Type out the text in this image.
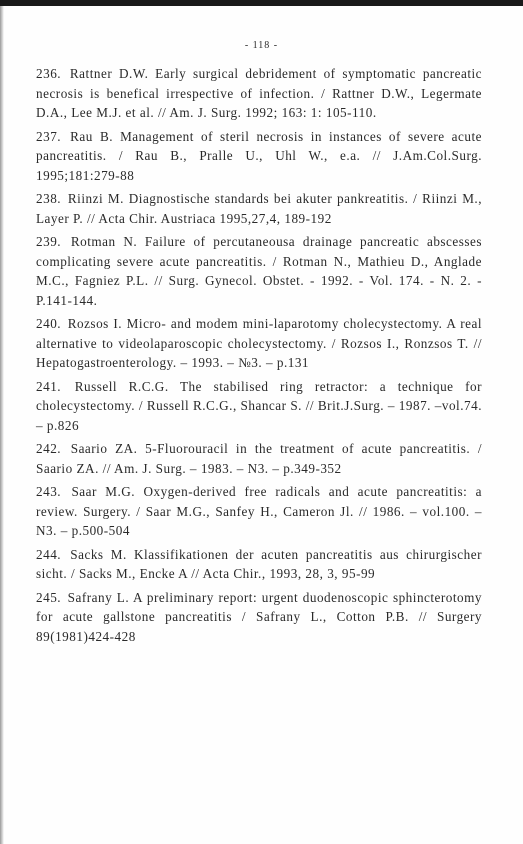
- 118 -
236. Rattner D.W. Early surgical debridement of symptomatic pancreatic necrosis is benefical irrespective of infection. / Rattner D.W., Legermate D.A., Lee M.J. et al. // Am. J. Surg. 1992; 163: 1: 105-110.
237. Rau B. Management of steril necrosis in instances of severe acute pancreatitis. / Rau B., Pralle U., Uhl W., e.a. // J.Am.Col.Surg. 1995;181:279-88
238. Riinzi M. Diagnostische standards bei akuter pankreatitis. / Riinzi M., Layer P. // Acta Chir. Austriaca 1995,27,4, 189-192
239. Rotman N. Failure of percutaneousa drainage pancreatic abscesses complicating severe acute pancreatitis. / Rotman N., Mathieu D., Anglade M.C., Fagniez P.L. // Surg. Gynecol. Obstet. - 1992. - Vol. 174. - N. 2. - P.141-144.
240. Rozsos I. Micro- and modem mini-laparotomy cholecystectomy. A real alternative to videolaparoscopic cholecystectomy. / Rozsos I., Ronzsos T. // Hepatogastroenterology. – 1993. – №3. – p.131
241. Russell R.C.G. The stabilised ring retractor: a technique for cholecystectomy. / Russell R.C.G., Shancar S. // Brit.J.Surg. – 1987. –vol.74. – p.826
242. Saario ZA. 5-Fluorouracil in the treatment of acute pancreatitis. / Saario ZA. // Am. J. Surg. – 1983. – N3. – p.349-352
243. Saar M.G. Oxygen-derived free radicals and acute pancreatitis: a review. Surgery. / Saar M.G., Sanfey H., Cameron Jl. // 1986. – vol.100. – N3. – p.500-504
244. Sacks M. Klassifikationen der acuten pancreatitis aus chirurgischer sicht. / Sacks M., Encke A // Acta Chir., 1993, 28, 3, 95-99
245. Safrany L. A preliminary report: urgent duodenoscopic sphincterotomy for acute gallstone pancreatitis / Safrany L., Cotton P.B. // Surgery 89(1981)424-428
